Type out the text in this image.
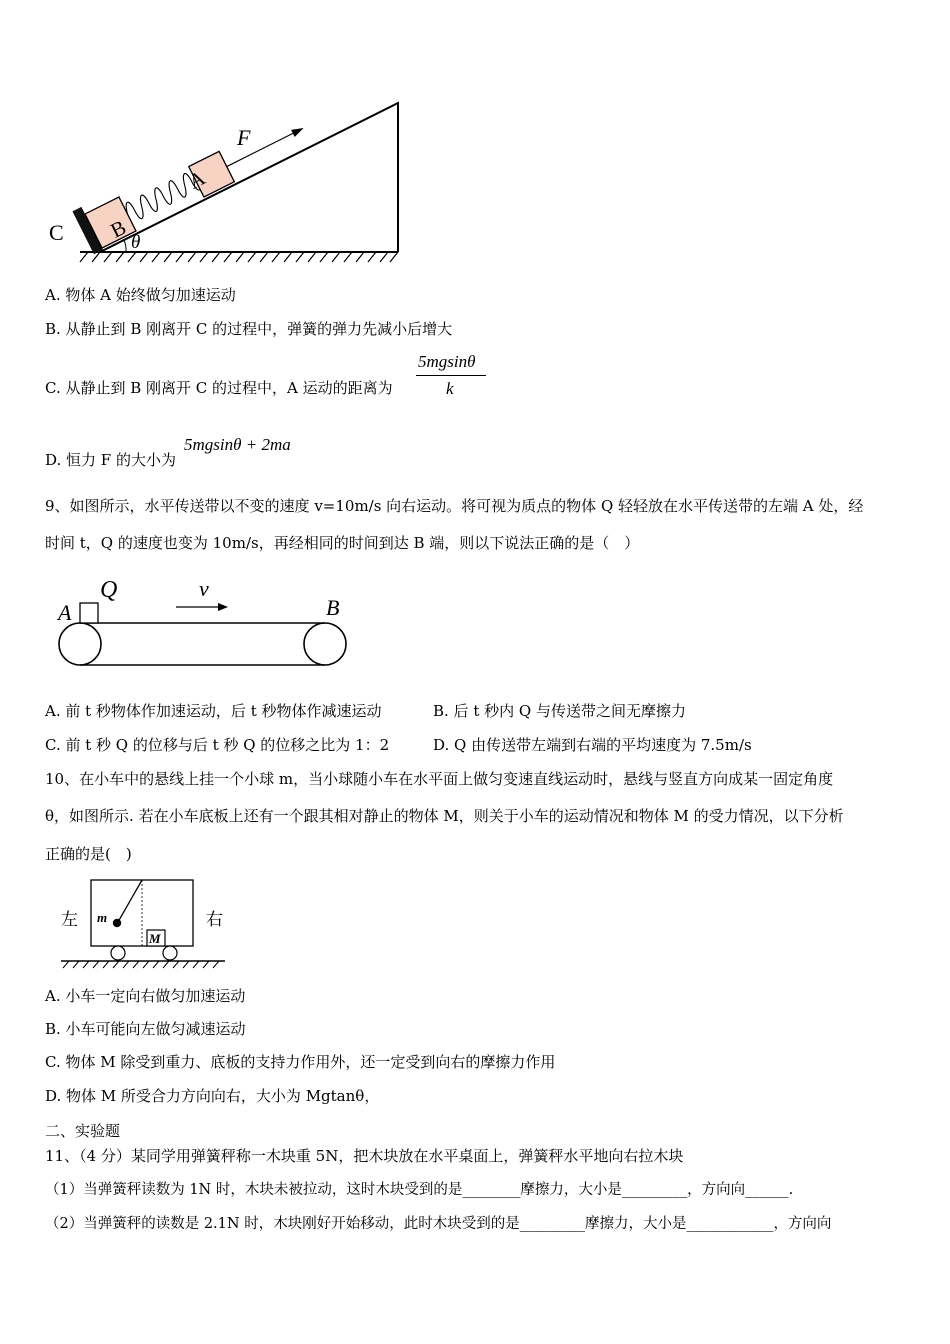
C B
A
F
θ
A. 物体 A 始终做匀加速运动
B. 从静止到 B 刚离开 C 的过程中，弹簧的弹力先减小后增大
C. 从静止到 B 刚离开 C 的过程中，A 运动的距离为
5mgsinθ
k
D. 恒力 F 的大小为
5mgsinθ + 2ma
9、如图所示，水平传送带以不变的速度 v=10m/s 向右运动。将可视为质点的物体 Q 轻轻放在水平传送带的左端 A 处，经
时间 t，Q 的速度也变为 10m/s，再经相同的时间到达 B 端，则以下说法正确的是（　）
A
Q	v
B
A. 前 t 秒物体作加速运动，后 t 秒物体作减速运动	B. 后 t 秒内 Q 与传送带之间无摩擦力
C. 前 t 秒 Q 的位移与后 t 秒 Q 的位移之比为 1：2	D. Q 由传送带左端到右端的平均速度为 7.5m/s
10、在小车中的悬线上挂一个小球 m，当小球随小车在水平面上做匀变速直线运动时，悬线与竖直方向成某一固定角度
θ，如图所示. 若在小车底板上还有一个跟其相对静止的物体 M，则关于小车的运动情况和物体 M 的受力情况，以下分析
正确的是(　)
左	右
m
M
A. 小车一定向右做匀加速运动
B. 小车可能向左做匀减速运动
C. 物体 M 除受到重力、底板的支持力作用外，还一定受到向右的摩擦力作用
D. 物体 M 所受合力方向向右，大小为 Mgtanθ，
二、实验题
11、（4 分）某同学用弹簧秤称一木块重 5N，把木块放在水平桌面上，弹簧秤水平地向右拉木块
（1）当弹簧秤读数为 1N 时，木块未被拉动，这时木块受到的是________摩擦力，大小是_________，方向向______.
（2）当弹簧秤的读数是 2.1N 时，木块刚好开始移动，此时木块受到的是_________摩擦力，大小是____________，方向向
